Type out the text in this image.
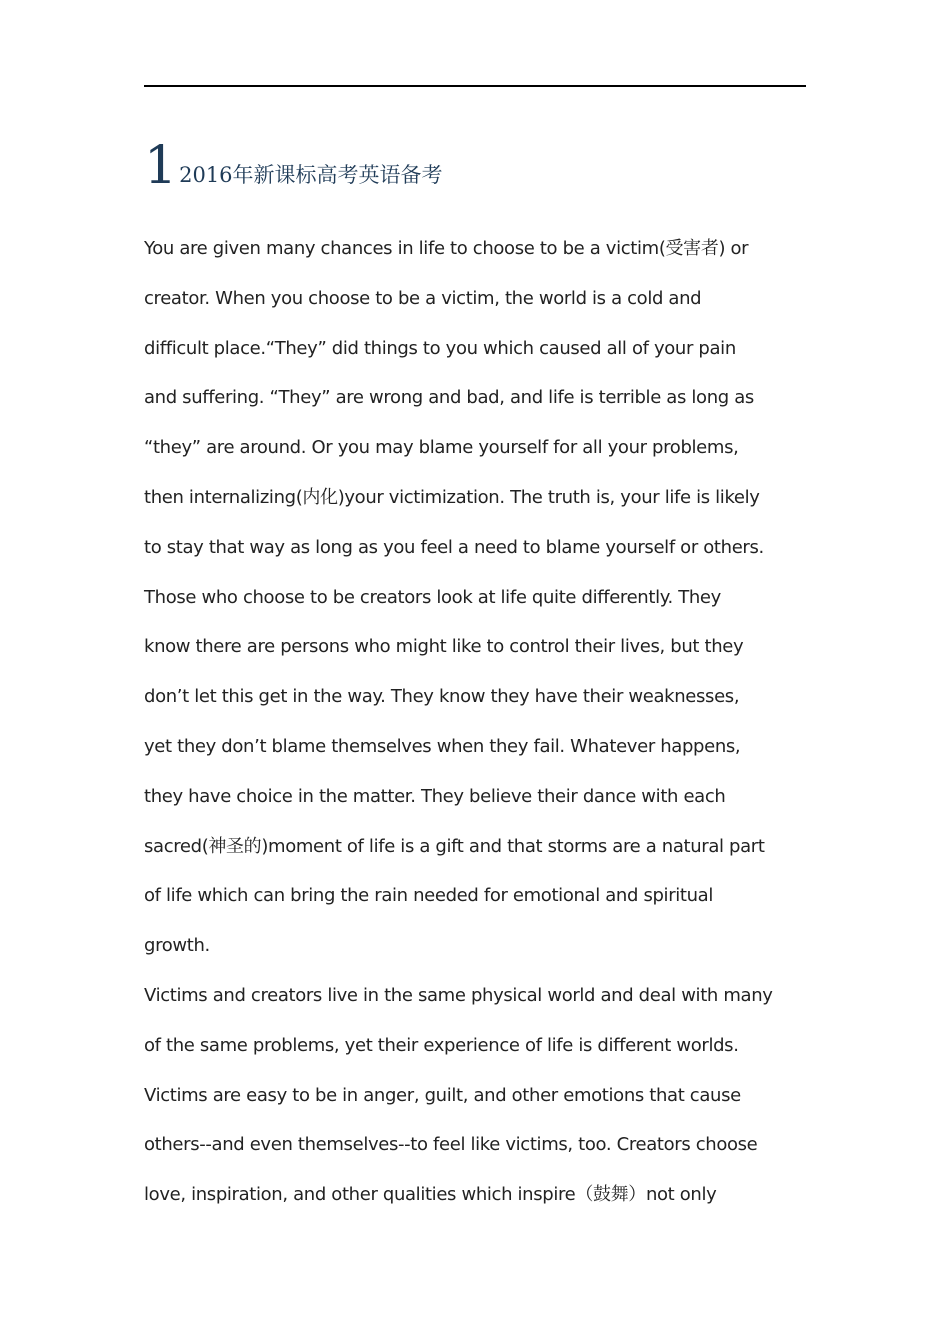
1 2016年新课标高考英语备考
You are given many chances in life to choose to be a victim(受害者) or
creator. When you choose to be a victim, the world is a cold and
difficult place.“They” did things to you which caused all of your pain
and suffering. “They” are wrong and bad, and life is terrible as long as
“they” are around. Or you may blame yourself for all your problems,
then internalizing(内化)your victimization. The truth is, your life is likely
to stay that way as long as you feel a need to blame yourself or others.
Those who choose to be creators look at life quite differently. They
know there are persons who might like to control their lives, but they
don’t let this get in the way. They know they have their weaknesses,
yet they don’t blame themselves when they fail. Whatever happens,
they have choice in the matter. They believe their dance with each
sacred(神圣的)moment of life is a gift and that storms are a natural part
of life which can bring the rain needed for emotional and spiritual
growth.
Victims and creators live in the same physical world and deal with many
of the same problems, yet their experience of life is different worlds.
Victims are easy to be in anger, guilt, and other emotions that cause
others--and even themselves--to feel like victims, too. Creators choose
love, inspiration, and other qualities which inspire（鼓舞）not only
